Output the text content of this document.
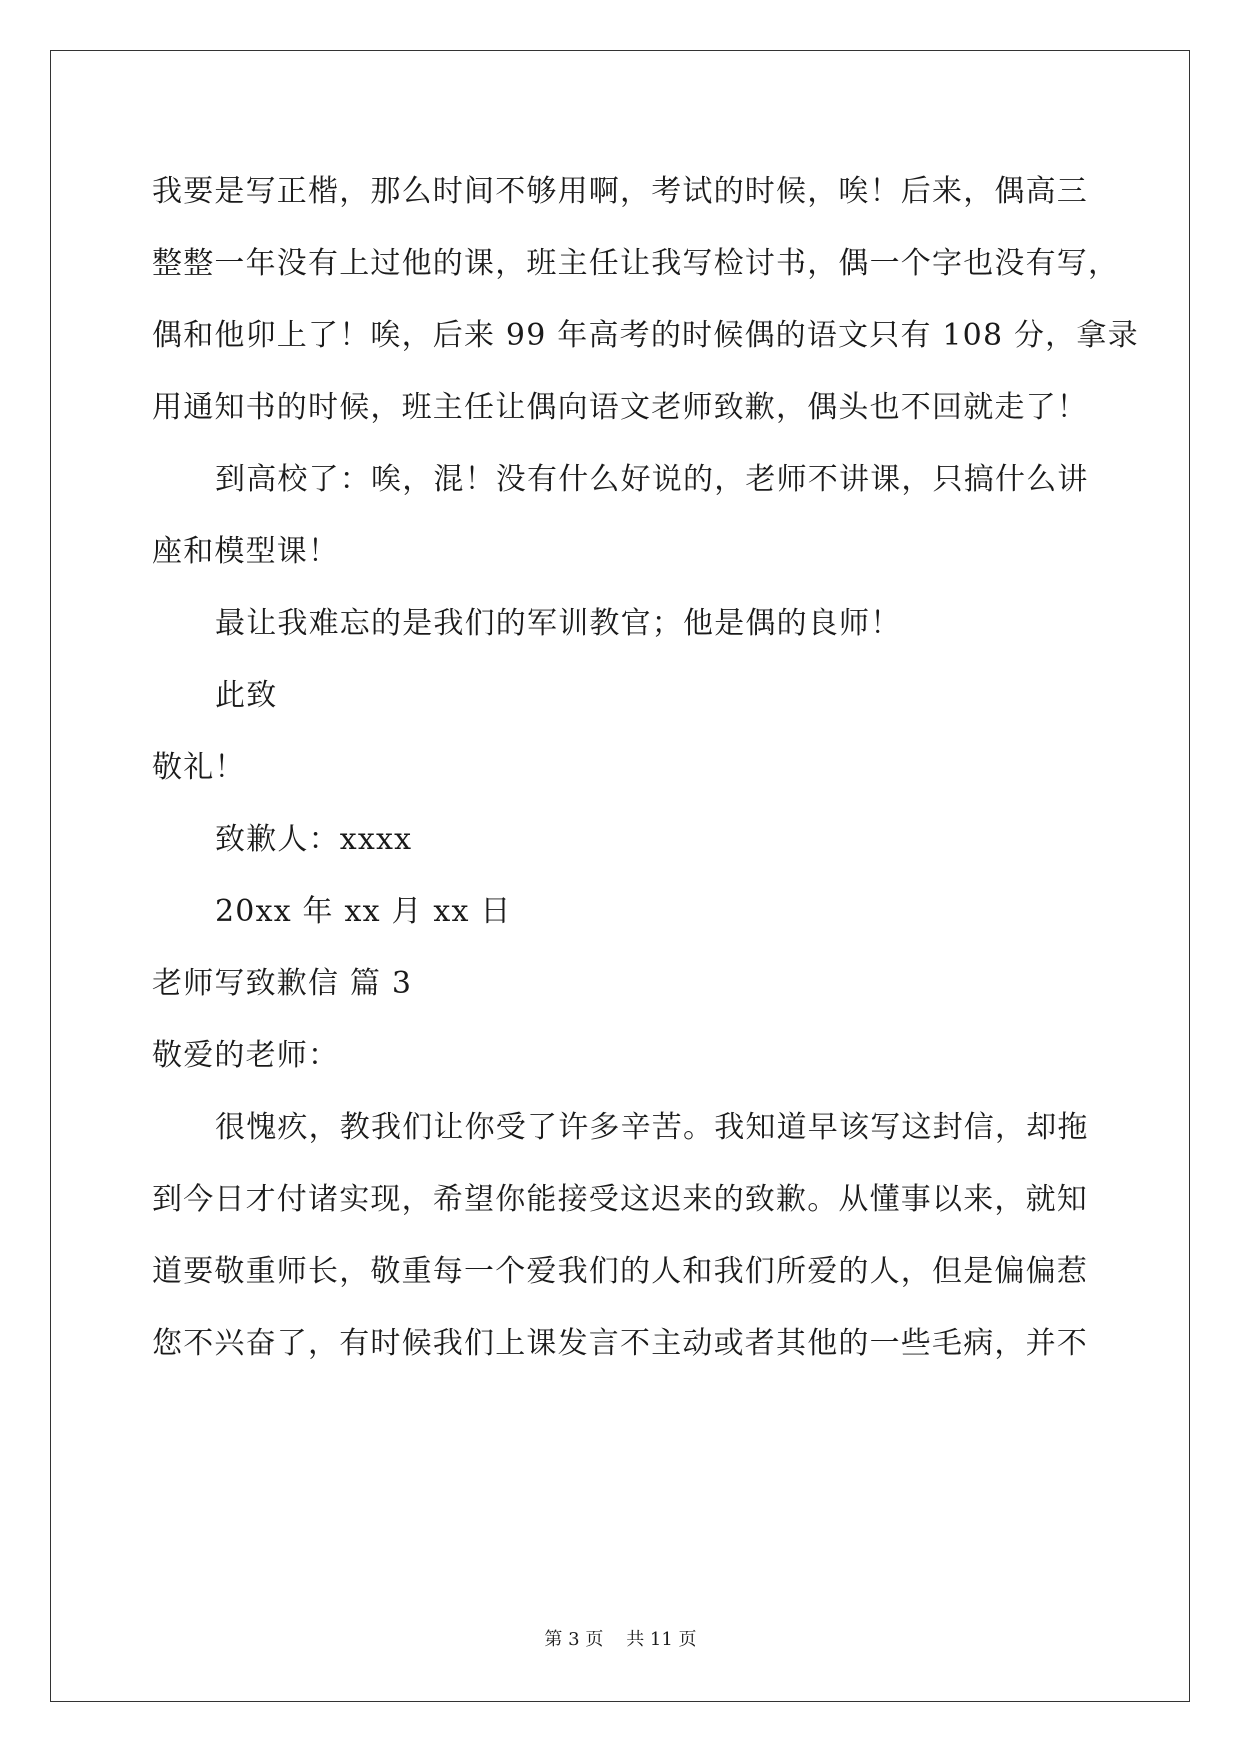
我要是写正楷，那么时间不够用啊，考试的时候，唉！后来，偶高三
整整一年没有上过他的课，班主任让我写检讨书，偶一个字也没有写，
偶和他卯上了！唉，后来 99 年高考的时候偶的语文只有 108 分，拿录
用通知书的时候，班主任让偶向语文老师致歉，偶头也不回就走了！
到高校了：唉，混！没有什么好说的，老师不讲课，只搞什么讲
座和模型课！
最让我难忘的是我们的军训教官；他是偶的良师！
此致
敬礼！
致歉人：xxxx
20xx 年 xx 月 xx 日
老师写致歉信 篇 3
敬爱的老师：
很愧疚，教我们让你受了许多辛苦。我知道早该写这封信，却拖
到今日才付诸实现，希望你能接受这迟来的致歉。从懂事以来，就知
道要敬重师长，敬重每一个爱我们的人和我们所爱的人，但是偏偏惹
您不兴奋了，有时候我们上课发言不主动或者其他的一些毛病，并不
第 3 页    共 11 页
